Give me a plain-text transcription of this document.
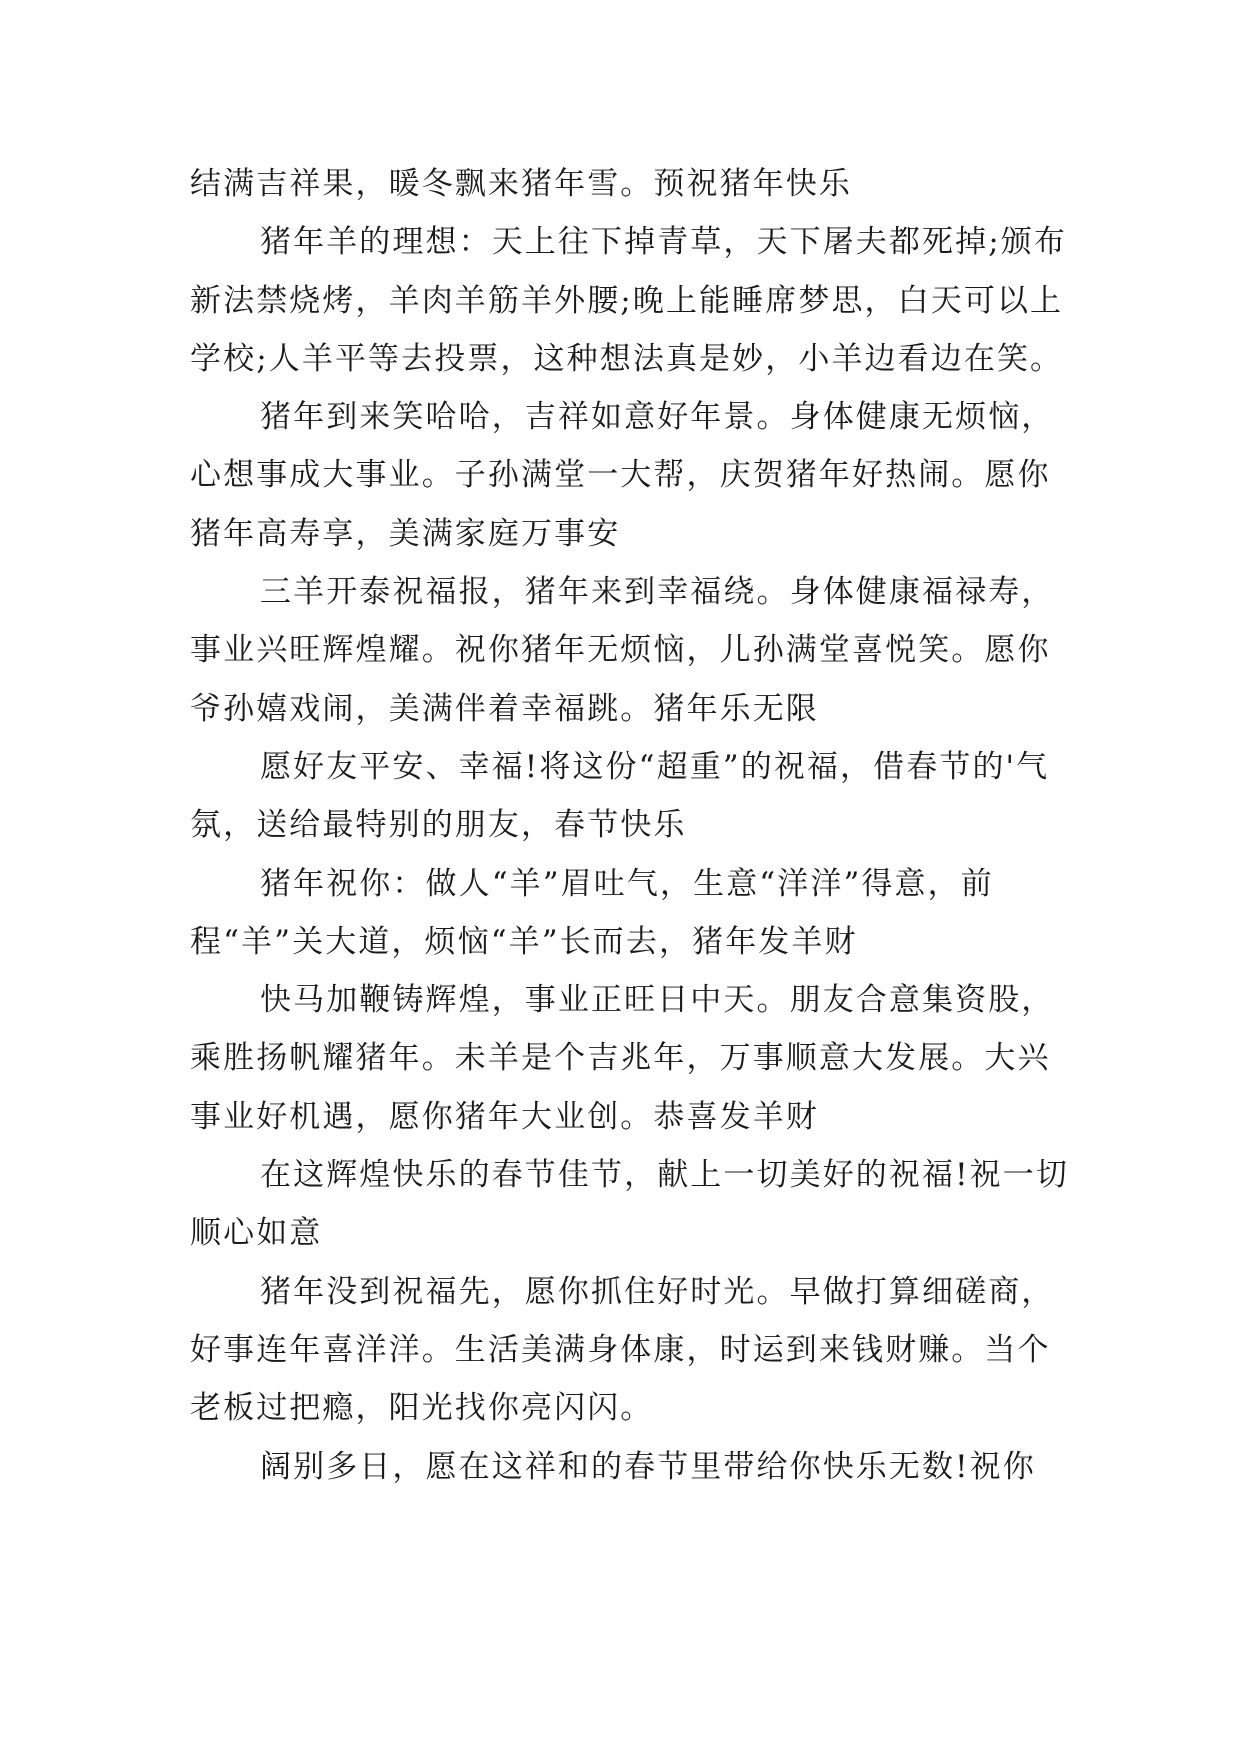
结满吉祥果，暖冬飘来猪年雪。预祝猪年快乐

猪年羊的理想：天上往下掉青草，天下屠夫都死掉;颁布新法禁烧烤，羊肉羊筋羊外腰;晚上能睡席梦思，白天可以上学校;人羊平等去投票，这种想法真是妙，小羊边看边在笑。

猪年到来笑哈哈，吉祥如意好年景。身体健康无烦恼，心想事成大事业。子孙满堂一大帮，庆贺猪年好热闹。愿你猪年高寿享，美满家庭万事安

三羊开泰祝福报，猪年来到幸福绕。身体健康福禄寿，事业兴旺辉煌耀。祝你猪年无烦恼，儿孙满堂喜悦笑。愿你爷孙嬉戏闹，美满伴着幸福跳。猪年乐无限

愿好友平安、幸福!将这份“超重”的祝福，借春节的'气氛，送给最特别的朋友，春节快乐

猪年祝你：做人“羊”眉吐气，生意“洋洋”得意，前程“羊”关大道，烦恼“羊”长而去，猪年发羊财

快马加鞭铸辉煌，事业正旺日中天。朋友合意集资股，乘胜扬帆耀猪年。未羊是个吉兆年，万事顺意大发展。大兴事业好机遇，愿你猪年大业创。恭喜发羊财

在这辉煌快乐的春节佳节，献上一切美好的祝福!祝一切顺心如意

猪年没到祝福先，愿你抓住好时光。早做打算细磋商，好事连年喜洋洋。生活美满身体康，时运到来钱财赚。当个老板过把瘾，阳光找你亮闪闪。

阔别多日，愿在这祥和的春节里带给你快乐无数!祝你
